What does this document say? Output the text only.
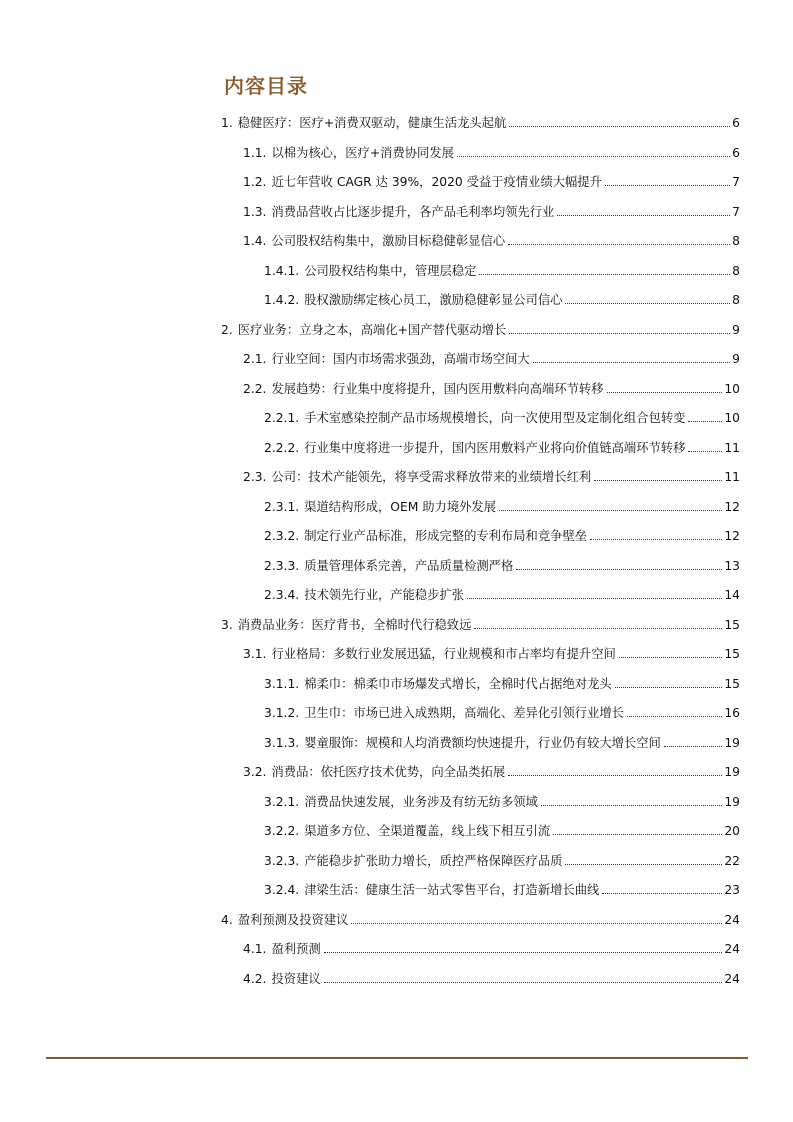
内容目录
1. 稳健医疗：医疗+消费双驱动，健康生活龙头起航	6
1.1. 以棉为核心，医疗+消费协同发展	6
1.2. 近七年营收 CAGR 达 39%，2020 受益于疫情业绩大幅提升	7
1.3. 消费品营收占比逐步提升，各产品毛利率均领先行业	7
1.4. 公司股权结构集中，激励目标稳健彰显信心	8
1.4.1. 公司股权结构集中，管理层稳定	8
1.4.2. 股权激励绑定核心员工，激励稳健彰显公司信心	8
2. 医疗业务：立身之本，高端化+国产替代驱动增长	9
2.1. 行业空间：国内市场需求强劲，高端市场空间大	9
2.2. 发展趋势：行业集中度将提升，国内医用敷料向高端环节转移	10
2.2.1. 手术室感染控制产品市场规模增长，向一次使用型及定制化组合包转变	10
2.2.2. 行业集中度将进一步提升，国内医用敷料产业将向价值链高端环节转移	11
2.3. 公司：技术产能领先，将享受需求释放带来的业绩增长红利	11
2.3.1. 渠道结构形成，OEM 助力境外发展	12
2.3.2. 制定行业产品标准，形成完整的专利布局和竞争壁垒	12
2.3.3. 质量管理体系完善，产品质量检测严格	13
2.3.4. 技术领先行业，产能稳步扩张	14
3. 消费品业务：医疗背书，全棉时代行稳致远	15
3.1. 行业格局：多数行业发展迅猛，行业规模和市占率均有提升空间	15
3.1.1. 棉柔巾：棉柔巾市场爆发式增长，全棉时代占据绝对龙头	15
3.1.2. 卫生巾：市场已进入成熟期，高端化、差异化引领行业增长	16
3.1.3. 婴童服饰：规模和人均消费额均快速提升，行业仍有较大增长空间	19
3.2. 消费品：依托医疗技术优势，向全品类拓展	19
3.2.1. 消费品快速发展，业务涉及有纺无纺多领域	19
3.2.2. 渠道多方位、全渠道覆盖，线上线下相互引流	20
3.2.3. 产能稳步扩张助力增长，质控严格保障医疗品质	22
3.2.4. 津梁生活：健康生活一站式零售平台，打造新增长曲线	23
4. 盈利预测及投资建议	24
4.1. 盈利预测	24
4.2. 投资建议	24
